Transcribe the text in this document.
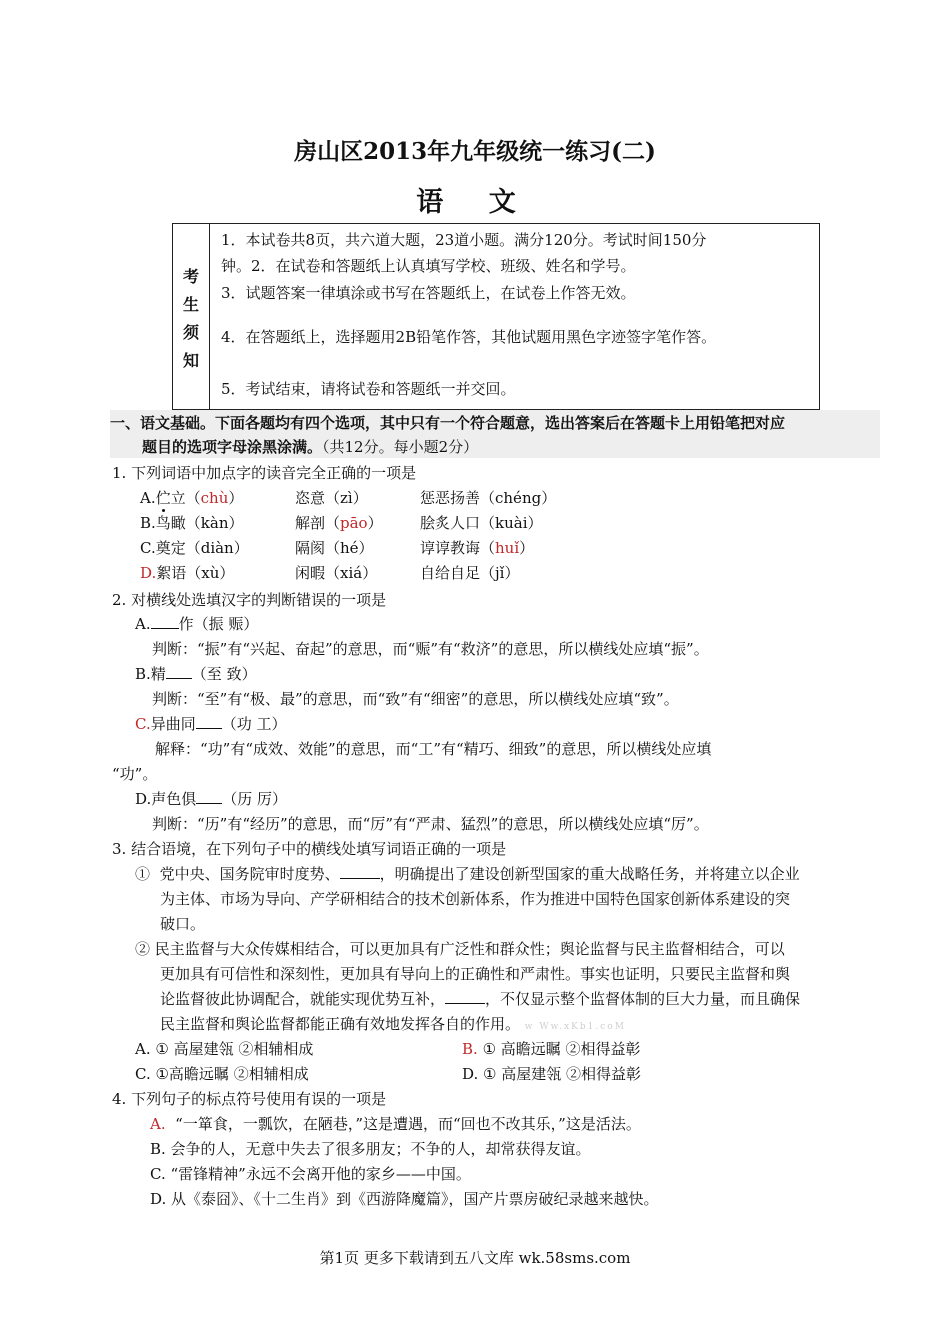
房山区2013年九年级统一练习(二)
语 文
考
生
须
知
1．本试卷共8页，共六道大题，23道小题。满分120分。考试时间150分
钟。2．在试卷和答题纸上认真填写学校、班级、姓名和学号。
3．试题答案一律填涂或书写在答题纸上，在试卷上作答无效。
4．在答题纸上，选择题用2B铅笔作答，其他试题用黑色字迹签字笔作答。
5．考试结束，请将试卷和答题纸一并交回。
一、语文基础。下面各题均有四个选项，其中只有一个符合题意，选出答案后在答题卡上用铅笔把对应
题目的选项字母涂黑涂满。（共12分。每小题2分）
1. 下列词语中加点字的读音完全正确的一项是
A.伫立（chù）	恣意（zì）	惩恶扬善（chéng）
B.鸟瞰（kàn）	解剖（pāo） 脍炙人口（kuài）
C.奠定（diàn）	隔阂（hé）	谆谆教诲（huǐ）
D.絮语（xù）	闲暇（xiá）	自给自足（jǐ）
2. 对横线处选填汉字的判断错误的一项是
A. 作（振 赈）
判断：“振”有“兴起、奋起”的意思，而“赈”有“救济”的意思，所以横线处应填“振”。
B.精 （至 致）
判断：“至”有“极、最”的意思，而“致”有“细密”的意思，所以横线处应填“致”。
C.异曲同 （功 工）
解释：“功”有“成效、效能”的意思，而“工”有“精巧、细致”的意思，所以横线处应填
“功”。
D.声色俱 （历 厉）
判断：“历”有“经历”的意思，而“厉”有“严肃、猛烈”的意思，所以横线处应填“厉”。
3. 结合语境，在下列句子中的横线处填写词语正确的一项是
① 党中央、国务院审时度势、	，明确提出了建设创新型国家的重大战略任务，并将建立以企业
为主体、市场为导向、产学研相结合的技术创新体系，作为推进中国特色国家创新体系建设的突
破口。
② 民主监督与大众传媒相结合，可以更加具有广泛性和群众性；舆论监督与民主监督相结合，可以
更加具有可信性和深刻性，更加具有导向上的正确性和严肃性。事实也证明，只要民主监督和舆
论监督彼此协调配合，就能实现优势互补，	，不仅显示整个监督体制的巨大力量，而且确保
民主监督和舆论监督都能正确有效地发挥各自的作用。 w Ww.xKb1.coM
A. ① 高屋建瓴 ②相辅相成	B. ① 高瞻远瞩 ②相得益彰
C. ①高瞻远瞩 ②相辅相成	D. ① 高屋建瓴 ②相得益彰
4. 下列句子的标点符号使用有误的一项是
A. “一箪食，一瓢饮，在陋巷，”这是遭遇，而“回也不改其乐，”这是活法。
B. 会争的人，无意中失去了很多朋友；不争的人，却常获得友谊。
C. “雷锋精神”永远不会离开他的家乡——中国。
D. 从《泰囧》、《十二生肖》到《西游降魔篇》，国产片票房破纪录越来越快。
第1页 更多下载请到五八文库 wk.58sms.com
